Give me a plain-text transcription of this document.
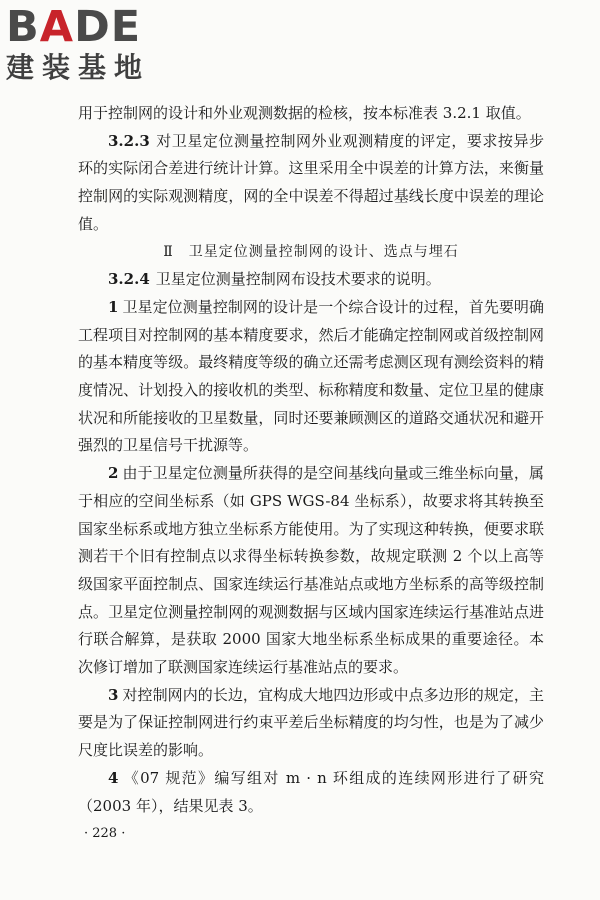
BADE
建装基地

用于控制网的设计和外业观测数据的检核，按本标准表 3.2.1 取值。

3.2.3 对卫星定位测量控制网外业观测精度的评定，要求按异步环的实际闭合差进行统计计算。这里采用全中误差的计算方法，来衡量控制网的实际观测精度，网的全中误差不得超过基线长度中误差的理论值。

Ⅱ　卫星定位测量控制网的设计、选点与埋石

3.2.4 卫星定位测量控制网布设技术要求的说明。

1 卫星定位测量控制网的设计是一个综合设计的过程，首先要明确工程项目对控制网的基本精度要求，然后才能确定控制网或首级控制网的基本精度等级。最终精度等级的确立还需考虑测区现有测绘资料的精度情况、计划投入的接收机的类型、标称精度和数量、定位卫星的健康状况和所能接收的卫星数量，同时还要兼顾测区的道路交通状况和避开强烈的卫星信号干扰源等。

2 由于卫星定位测量所获得的是空间基线向量或三维坐标向量，属于相应的空间坐标系（如 GPS WGS-84 坐标系），故要求将其转换至国家坐标系或地方独立坐标系方能使用。为了实现这种转换，便要求联测若干个旧有控制点以求得坐标转换参数，故规定联测 2 个以上高等级国家平面控制点、国家连续运行基准站点或地方坐标系的高等级控制点。卫星定位测量控制网的观测数据与区域内国家连续运行基准站点进行联合解算，是获取 2000 国家大地坐标系坐标成果的重要途径。本次修订增加了联测国家连续运行基准站点的要求。

3 对控制网内的长边，宜构成大地四边形或中点多边形的规定，主要是为了保证控制网进行约束平差后坐标精度的均匀性，也是为了减少尺度比误差的影响。

4 《07 规范》编写组对 m · n 环组成的连续网形进行了研究（2003 年），结果见表 3。

· 228 ·
